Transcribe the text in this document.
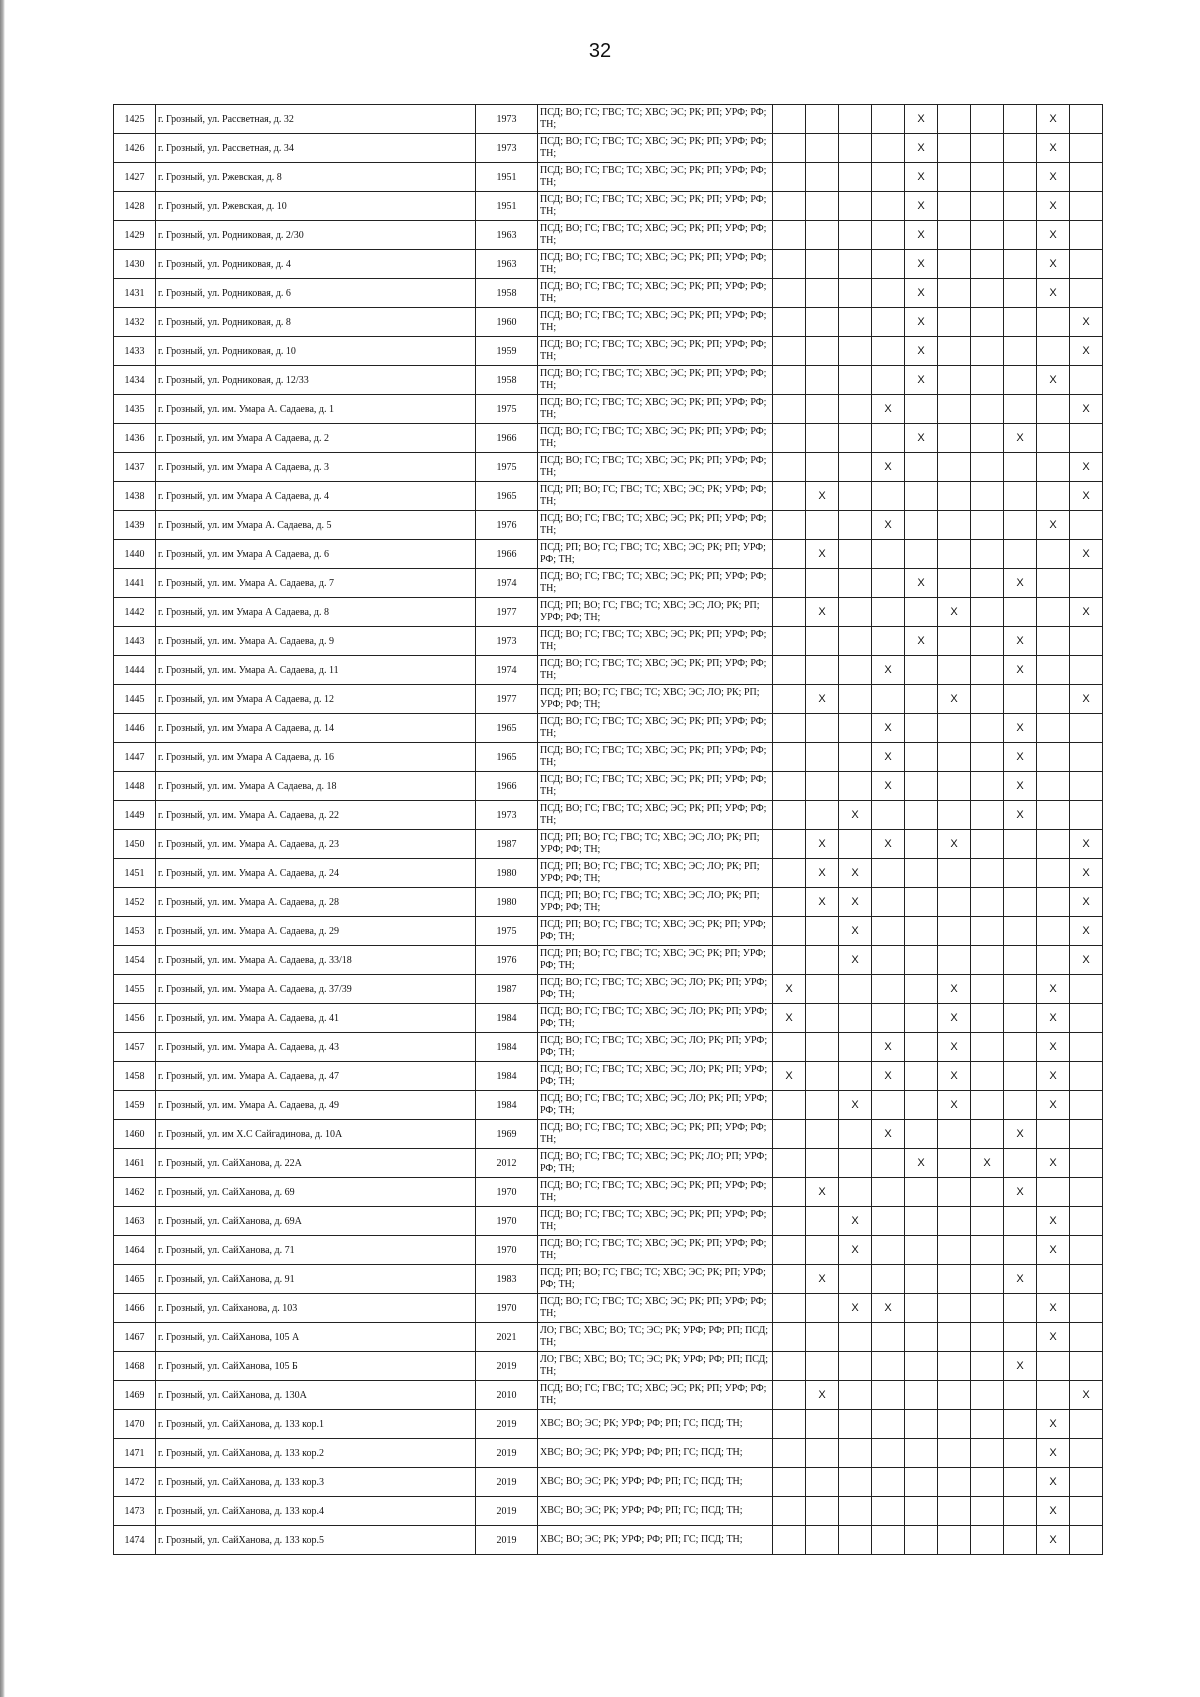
32
1425	г. Грозный, ул. Рассветная, д. 32	1973	ПСД; ВО; ГС; ГВС; ТС; ХВС; ЭС; РК; РП; УРФ; РФ; ТН;					X				X	
1426	г. Грозный, ул. Рассветная, д. 34	1973	ПСД; ВО; ГС; ГВС; ТС; ХВС; ЭС; РК; РП; УРФ; РФ; ТН;					X				X	
1427	г. Грозный, ул. Ржевская, д. 8	1951	ПСД; ВО; ГС; ГВС; ТС; ХВС; ЭС; РК; РП; УРФ; РФ; ТН;					X				X	
1428	г. Грозный, ул. Ржевская, д. 10	1951	ПСД; ВО; ГС; ГВС; ТС; ХВС; ЭС; РК; РП; УРФ; РФ; ТН;					X				X	
1429	г. Грозный, ул. Родниковая, д. 2/30	1963	ПСД; ВО; ГС; ГВС; ТС; ХВС; ЭС; РК; РП; УРФ; РФ; ТН;					X				X	
1430	г. Грозный, ул. Родниковая, д. 4	1963	ПСД; ВО; ГС; ГВС; ТС; ХВС; ЭС; РК; РП; УРФ; РФ; ТН;					X				X	
1431	г. Грозный, ул. Родниковая, д. 6	1958	ПСД; ВО; ГС; ГВС; ТС; ХВС; ЭС; РК; РП; УРФ; РФ; ТН;					X				X	
1432	г. Грозный, ул. Родниковая, д. 8	1960	ПСД; ВО; ГС; ГВС; ТС; ХВС; ЭС; РК; РП; УРФ; РФ; ТН;					X					X
1433	г. Грозный, ул. Родниковая, д. 10	1959	ПСД; ВО; ГС; ГВС; ТС; ХВС; ЭС; РК; РП; УРФ; РФ; ТН;					X					X
1434	г. Грозный, ул. Родниковая, д. 12/33	1958	ПСД; ВО; ГС; ГВС; ТС; ХВС; ЭС; РК; РП; УРФ; РФ; ТН;					X				X	
1435	г. Грозный, ул. им. Умара А. Садаева, д. 1	1975	ПСД; ВО; ГС; ГВС; ТС; ХВС; ЭС; РК; РП; УРФ; РФ; ТН;				X						X
1436	г. Грозный, ул. им Умара А Садаева, д. 2	1966	ПСД; ВО; ГС; ГВС; ТС; ХВС; ЭС; РК; РП; УРФ; РФ; ТН;					X			X		
1437	г. Грозный, ул. им Умара А Садаева, д. 3	1975	ПСД; ВО; ГС; ГВС; ТС; ХВС; ЭС; РК; РП; УРФ; РФ; ТН;				X						X
1438	г. Грозный, ул. им Умара А Садаева, д. 4	1965	ПСД; РП; ВО; ГС; ГВС; ТС; ХВС; ЭС; РК; УРФ; РФ; ТН;		X								X
1439	г. Грозный, ул. им Умара А. Садаева, д. 5	1976	ПСД; ВО; ГС; ГВС; ТС; ХВС; ЭС; РК; РП; УРФ; РФ; ТН;				X					X	
1440	г. Грозный, ул. им Умара А Садаева, д. 6	1966	ПСД; РП; ВО; ГС; ГВС; ТС; ХВС; ЭС; РК; РП; УРФ; РФ; ТН;		X								X
1441	г. Грозный, ул. им. Умара А. Садаева, д. 7	1974	ПСД; ВО; ГС; ГВС; ТС; ХВС; ЭС; РК; РП; УРФ; РФ; ТН;					X			X		
1442	г. Грозный, ул. им Умара А Садаева, д. 8	1977	ПСД; РП; ВО; ГС; ГВС; ТС; ХВС; ЭС; ЛО; РК; РП; УРФ; РФ; ТН;		X				X				X
1443	г. Грозный, ул. им. Умара А. Садаева, д. 9	1973	ПСД; ВО; ГС; ГВС; ТС; ХВС; ЭС; РК; РП; УРФ; РФ; ТН;					X			X		
1444	г. Грозный, ул. им. Умара А. Садаева, д. 11	1974	ПСД; ВО; ГС; ГВС; ТС; ХВС; ЭС; РК; РП; УРФ; РФ; ТН;				X				X		
1445	г. Грозный, ул. им Умара А Садаева, д. 12	1977	ПСД; РП; ВО; ГС; ГВС; ТС; ХВС; ЭС; ЛО; РК; РП; УРФ; РФ; ТН;		X				X				X
1446	г. Грозный, ул. им Умара А Садаева, д. 14	1965	ПСД; ВО; ГС; ГВС; ТС; ХВС; ЭС; РК; РП; УРФ; РФ; ТН;				X				X		
1447	г. Грозный, ул. им Умара А Садаева, д. 16	1965	ПСД; ВО; ГС; ГВС; ТС; ХВС; ЭС; РК; РП; УРФ; РФ; ТН;				X				X		
1448	г. Грозный, ул. им. Умара А Садаева, д. 18	1966	ПСД; ВО; ГС; ГВС; ТС; ХВС; ЭС; РК; РП; УРФ; РФ; ТН;				X				X		
1449	г. Грозный, ул. им. Умара А. Садаева, д. 22	1973	ПСД; ВО; ГС; ГВС; ТС; ХВС; ЭС; РК; РП; УРФ; РФ; ТН;			X					X		
1450	г. Грозный, ул. им. Умара А. Садаева, д. 23	1987	ПСД; РП; ВО; ГС; ГВС; ТС; ХВС; ЭС; ЛО; РК; РП; УРФ; РФ; ТН;		X		X		X				X
1451	г. Грозный, ул. им. Умара А. Садаева, д. 24	1980	ПСД; РП; ВО; ГС; ГВС; ТС; ХВС; ЭС; ЛО; РК; РП; УРФ; РФ; ТН;		X	X							X
1452	г. Грозный, ул. им. Умара А. Садаева, д. 28	1980	ПСД; РП; ВО; ГС; ГВС; ТС; ХВС; ЭС; ЛО; РК; РП; УРФ; РФ; ТН;		X	X							X
1453	г. Грозный, ул. им. Умара А. Садаева, д. 29	1975	ПСД; РП; ВО; ГС; ГВС; ТС; ХВС; ЭС; РК; РП; УРФ; РФ; ТН;			X							X
1454	г. Грозный, ул. им. Умара А. Садаева, д. 33/18	1976	ПСД; РП; ВО; ГС; ГВС; ТС; ХВС; ЭС; РК; РП; УРФ; РФ; ТН;			X							X
1455	г. Грозный, ул. им. Умара А. Садаева, д. 37/39	1987	ПСД; ВО; ГС; ГВС; ТС; ХВС; ЭС; ЛО; РК; РП; УРФ; РФ; ТН;	X					X			X	
1456	г. Грозный, ул. им. Умара А. Садаева, д. 41	1984	ПСД; ВО; ГС; ГВС; ТС; ХВС; ЭС; ЛО; РК; РП; УРФ; РФ; ТН;	X					X			X	
1457	г. Грозный, ул. им. Умара А. Садаева, д. 43	1984	ПСД; ВО; ГС; ГВС; ТС; ХВС; ЭС; ЛО; РК; РП; УРФ; РФ; ТН;				X		X			X	
1458	г. Грозный, ул. им. Умара А. Садаева, д. 47	1984	ПСД; ВО; ГС; ГВС; ТС; ХВС; ЭС; ЛО; РК; РП; УРФ; РФ; ТН;	X			X		X			X	
1459	г. Грозный, ул. им. Умара А. Садаева, д. 49	1984	ПСД; ВО; ГС; ГВС; ТС; ХВС; ЭС; ЛО; РК; РП; УРФ; РФ; ТН;			X			X			X	
1460	г. Грозный, ул. им Х.С Сайгадинова, д. 10А	1969	ПСД; ВО; ГС; ГВС; ТС; ХВС; ЭС; РК; РП; УРФ; РФ; ТН;				X				X		
1461	г. Грозный, ул. СайХанова, д. 22А	2012	ПСД; ВО; ГС; ГВС; ТС; ХВС; ЭС; РК; ЛО; РП; УРФ; РФ; ТН;					X		X		X	
1462	г. Грозный, ул. СайХанова, д. 69	1970	ПСД; ВО; ГС; ГВС; ТС; ХВС; ЭС; РК; РП; УРФ; РФ; ТН;		X						X		
1463	г. Грозный, ул. СайХанова, д. 69А	1970	ПСД; ВО; ГС; ГВС; ТС; ХВС; ЭС; РК; РП; УРФ; РФ; ТН;			X						X	
1464	г. Грозный, ул. СайХанова, д. 71	1970	ПСД; ВО; ГС; ГВС; ТС; ХВС; ЭС; РК; РП; УРФ; РФ; ТН;			X						X	
1465	г. Грозный, ул. СайХанова, д. 91	1983	ПСД; РП; ВО; ГС; ГВС; ТС; ХВС; ЭС; РК; РП; УРФ; РФ; ТН;		X						X		
1466	г. Грозный, ул. Сайханова, д. 103	1970	ПСД; ВО; ГС; ГВС; ТС; ХВС; ЭС; РК; РП; УРФ; РФ; ТН;			X	X					X	
1467	г. Грозный, ул. СайХанова, 105 А	2021	ЛО; ГВС; ХВС; ВО; ТС; ЭС; РК; УРФ; РФ; РП; ПСД; ТН;									X	
1468	г. Грозный, ул. СайХанова, 105 Б	2019	ЛО; ГВС; ХВС; ВО; ТС; ЭС; РК; УРФ; РФ; РП; ПСД; ТН;								X		
1469	г. Грозный, ул. СайХанова, д. 130А	2010	ПСД; ВО; ГС; ГВС; ТС; ХВС; ЭС; РК; РП; УРФ; РФ; ТН;		X								X
1470	г. Грозный, ул. СайХанова, д. 133 кор.1	2019	ХВС; ВО; ЭС; РК; УРФ; РФ; РП; ГС; ПСД; ТН;									X	
1471	г. Грозный, ул. СайХанова, д. 133 кор.2	2019	ХВС; ВО; ЭС; РК; УРФ; РФ; РП; ГС; ПСД; ТН;									X	
1472	г. Грозный, ул. СайХанова, д. 133 кор.3	2019	ХВС; ВО; ЭС; РК; УРФ; РФ; РП; ГС; ПСД; ТН;									X	
1473	г. Грозный, ул. СайХанова, д. 133 кор.4	2019	ХВС; ВО; ЭС; РК; УРФ; РФ; РП; ГС; ПСД; ТН;									X	
1474	г. Грозный, ул. СайХанова, д. 133 кор.5	2019	ХВС; ВО; ЭС; РК; УРФ; РФ; РП; ГС; ПСД; ТН;									X	
